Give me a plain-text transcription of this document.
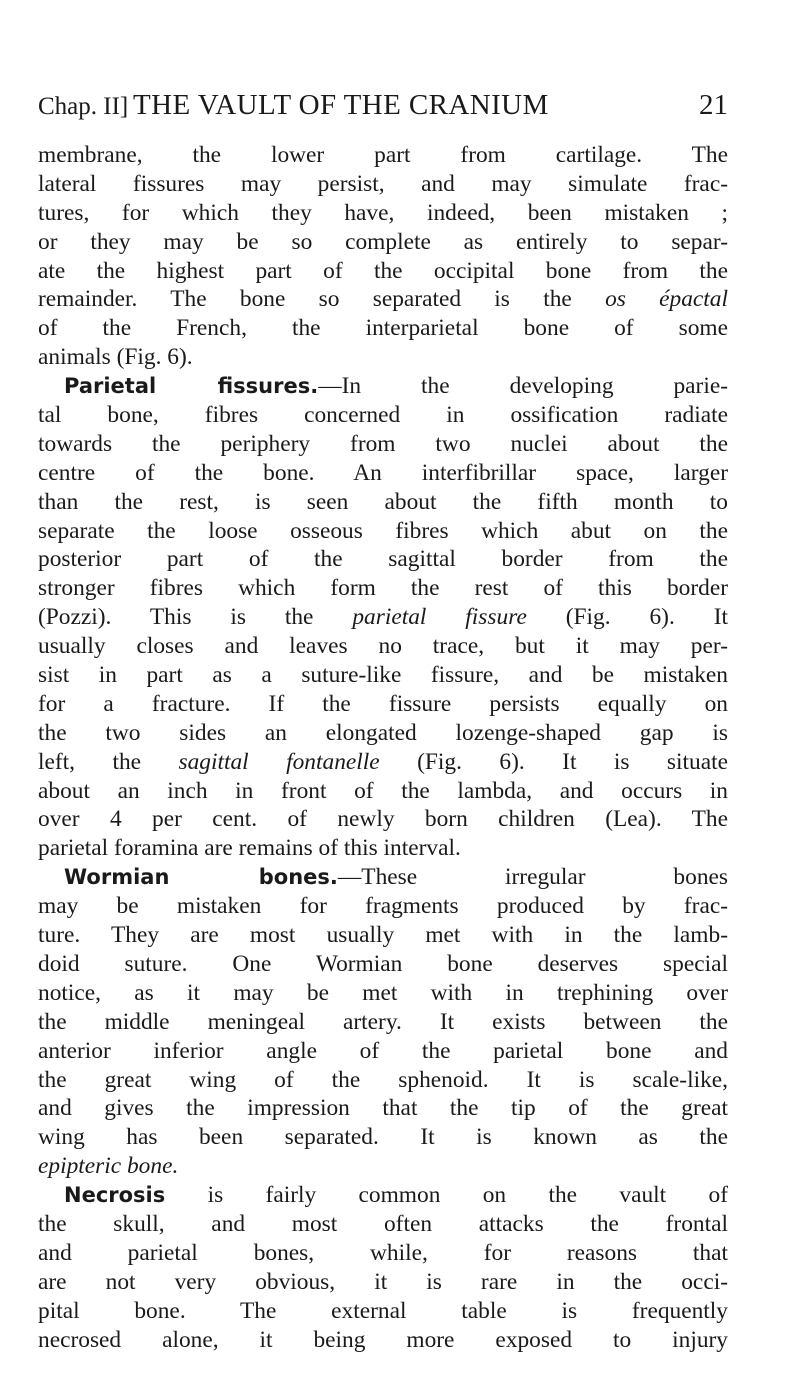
Chap. II] THE VAULT OF THE CRANIUM	21
membrane, the lower part from cartilage. The
lateral fissures may persist, and may simulate frac-
tures, for which they have, indeed, been mistaken ;
or they may be so complete as entirely to separ-
ate the highest part of the occipital bone from the
remainder. The bone so separated is the os épactal
of the French, the interparietal bone of some
animals (Fig. 6).
Parietal fissures.—In the developing parie-
tal bone, fibres concerned in ossification radiate
towards the periphery from two nuclei about the
centre of the bone. An interfibrillar space, larger
than the rest, is seen about the fifth month to
separate the loose osseous fibres which abut on the
posterior part of the sagittal border from the
stronger fibres which form the rest of this border
(Pozzi). This is the parietal fissure (Fig. 6). It
usually closes and leaves no trace, but it may per-
sist in part as a suture-like fissure, and be mistaken
for a fracture. If the fissure persists equally on
the two sides an elongated lozenge-shaped gap is
left, the sagittal fontanelle (Fig. 6). It is situate
about an inch in front of the lambda, and occurs in
over 4 per cent. of newly born children (Lea). The
parietal foramina are remains of this interval.
Wormian bones.—These irregular bones
may be mistaken for fragments produced by frac-
ture. They are most usually met with in the lamb-
doid suture. One Wormian bone deserves special
notice, as it may be met with in trephining over
the middle meningeal artery. It exists between the
anterior inferior angle of the parietal bone and
the great wing of the sphenoid. It is scale-like,
and gives the impression that the tip of the great
wing has been separated. It is known as the
epipteric bone.
Necrosis is fairly common on the vault of
the skull, and most often attacks the frontal
and parietal bones, while, for reasons that
are not very obvious, it is rare in the occi-
pital bone. The external table is frequently
necrosed alone, it being more exposed to injury
